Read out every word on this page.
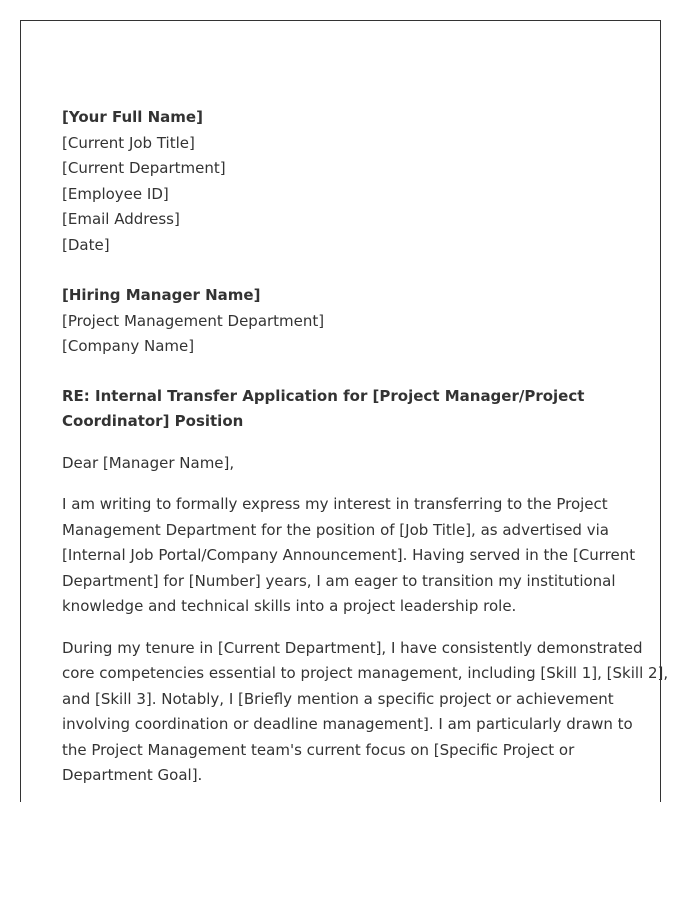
[Your Full Name]
[Current Job Title]
[Current Department]
[Employee ID]
[Email Address]
[Date]
[Hiring Manager Name]
[Project Management Department]
[Company Name]
RE: Internal Transfer Application for [Project Manager/Project
Coordinator] Position
Dear [Manager Name],
I am writing to formally express my interest in transferring to the Project
Management Department for the position of [Job Title], as advertised via
[Internal Job Portal/Company Announcement]. Having served in the [Current
Department] for [Number] years, I am eager to transition my institutional
knowledge and technical skills into a project leadership role.
During my tenure in [Current Department], I have consistently demonstrated
core competencies essential to project management, including [Skill 1], [Skill 2],
and [Skill 3]. Notably, I [Briefly mention a specific project or achievement
involving coordination or deadline management]. I am particularly drawn to
the Project Management team's current focus on [Specific Project or
Department Goal].
